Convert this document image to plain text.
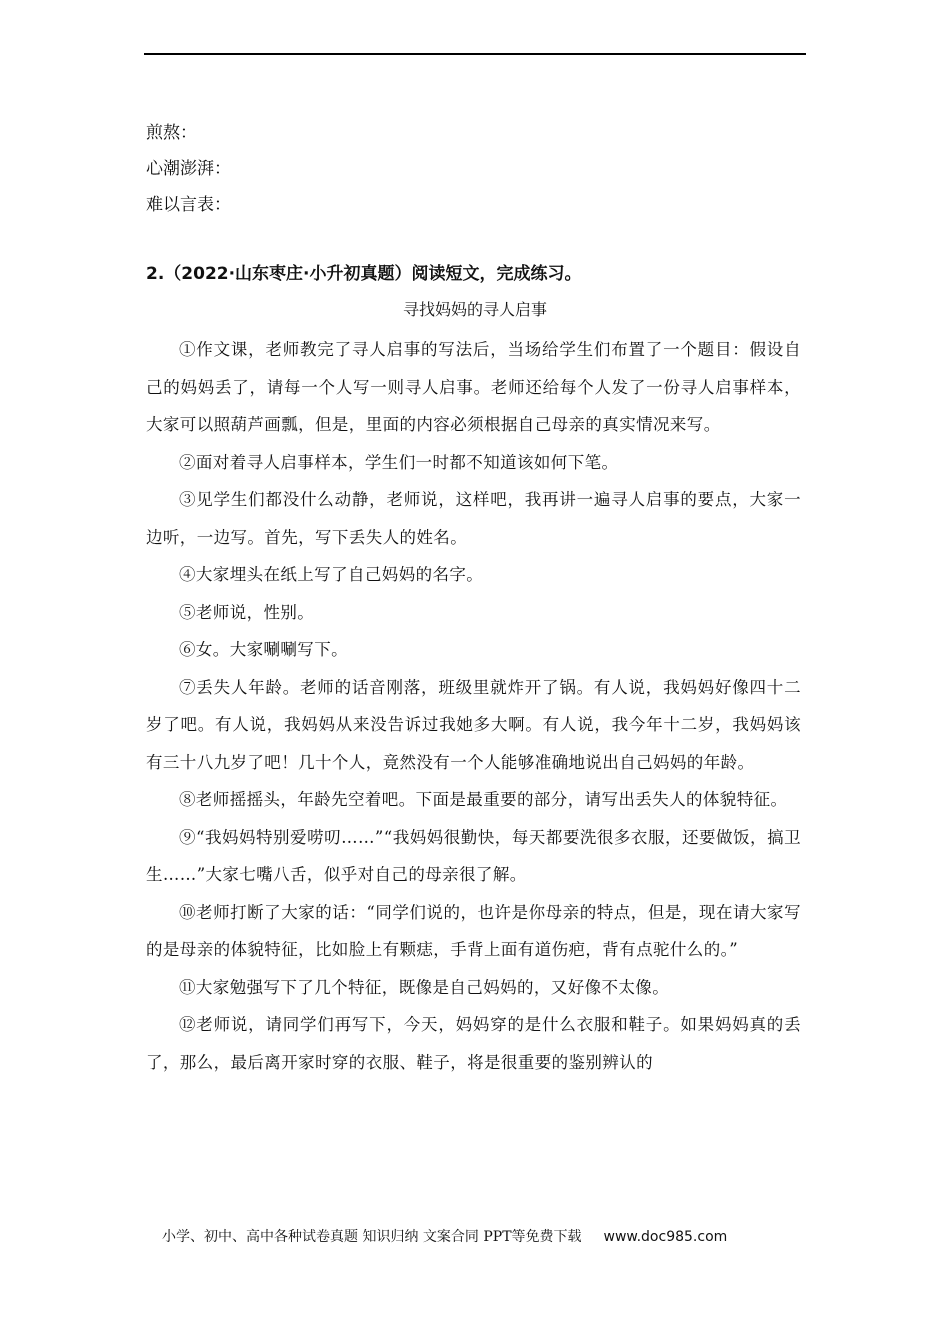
煎熬：
心潮澎湃：
难以言表：
2.（2022·山东枣庄·小升初真题）阅读短文，完成练习。
寻找妈妈的寻人启事

①作文课，老师教完了寻人启事的写法后，当场给学生们布置了一个题目：假设自己的妈妈丢了，请每一个人写一则寻人启事。老师还给每个人发了一份寻人启事样本，大家可以照葫芦画瓢，但是，里面的内容必须根据自己母亲的真实情况来写。

②面对着寻人启事样本，学生们一时都不知道该如何下笔。

③见学生们都没什么动静，老师说，这样吧，我再讲一遍寻人启事的要点，大家一边听，一边写。首先，写下丢失人的姓名。

④大家埋头在纸上写了自己妈妈的名字。

⑤老师说，性别。

⑥女。大家唰唰写下。

⑦丢失人年龄。老师的话音刚落，班级里就炸开了锅。有人说，我妈妈好像四十二岁了吧。有人说，我妈妈从来没告诉过我她多大啊。有人说，我今年十二岁，我妈妈该有三十八九岁了吧！几十个人，竟然没有一个人能够准确地说出自己妈妈的年龄。

⑧老师摇摇头，年龄先空着吧。下面是最重要的部分，请写出丢失人的体貌特征。

⑨“我妈妈特别爱唠叨……”“我妈妈很勤快，每天都要洗很多衣服，还要做饭，搞卫生……”大家七嘴八舌，似乎对自己的母亲很了解。

⑩老师打断了大家的话：“同学们说的，也许是你母亲的特点，但是，现在请大家写的是母亲的体貌特征，比如脸上有颗痣，手背上面有道伤疤，背有点驼什么的。”

⑪大家勉强写下了几个特征，既像是自己妈妈的，又好像不太像。

⑫老师说，请同学们再写下，今天，妈妈穿的是什么衣服和鞋子。如果妈妈真的丢了，那么，最后离开家时穿的衣服、鞋子，将是很重要的鉴别辨认的

小学、初中、高中各种试卷真题 知识归纳 文案合同 PPT等免费下载 www.doc985.com
